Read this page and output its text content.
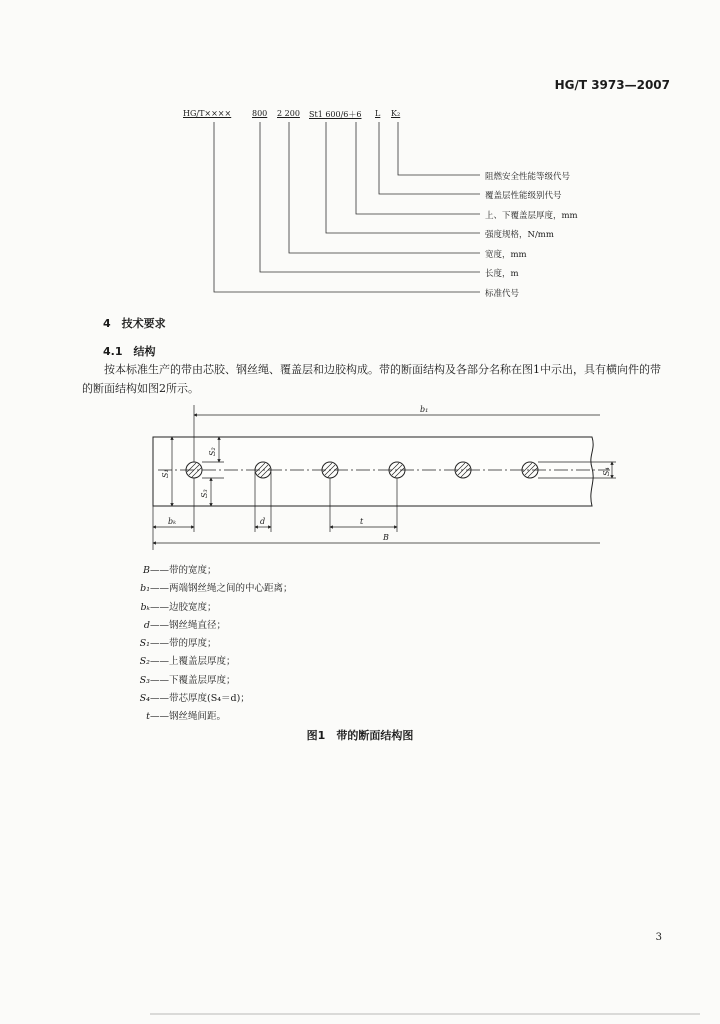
HG/T 3973—2007
HG/T××××	800 2 200 St1 600/6＋6 L K₂
阻燃安全性能等级代号
覆盖层性能级别代号
上、下覆盖层厚度，mm
强度规格，N/mm
宽度，mm
长度，m
标准代号
4　技术要求
4.1　结构
按本标准生产的带由芯胶、钢丝绳、覆盖层和边胶构成。带的断面结构及各部分名称在图1中示出，具有横向件的带的断面结构如图2所示。
b₁
B
bₖ	d	t
S₁
S₂
S₃
S₄
B——带的宽度；
b₁——两端钢丝绳之间的中心距离；
bₖ——边胶宽度；
d——钢丝绳直径；
S₁——带的厚度；
S₂——上覆盖层厚度；
S₃——下覆盖层厚度；
S₄——带芯厚度(S₄＝d)；
t——钢丝绳间距。
图1　带的断面结构图
3
